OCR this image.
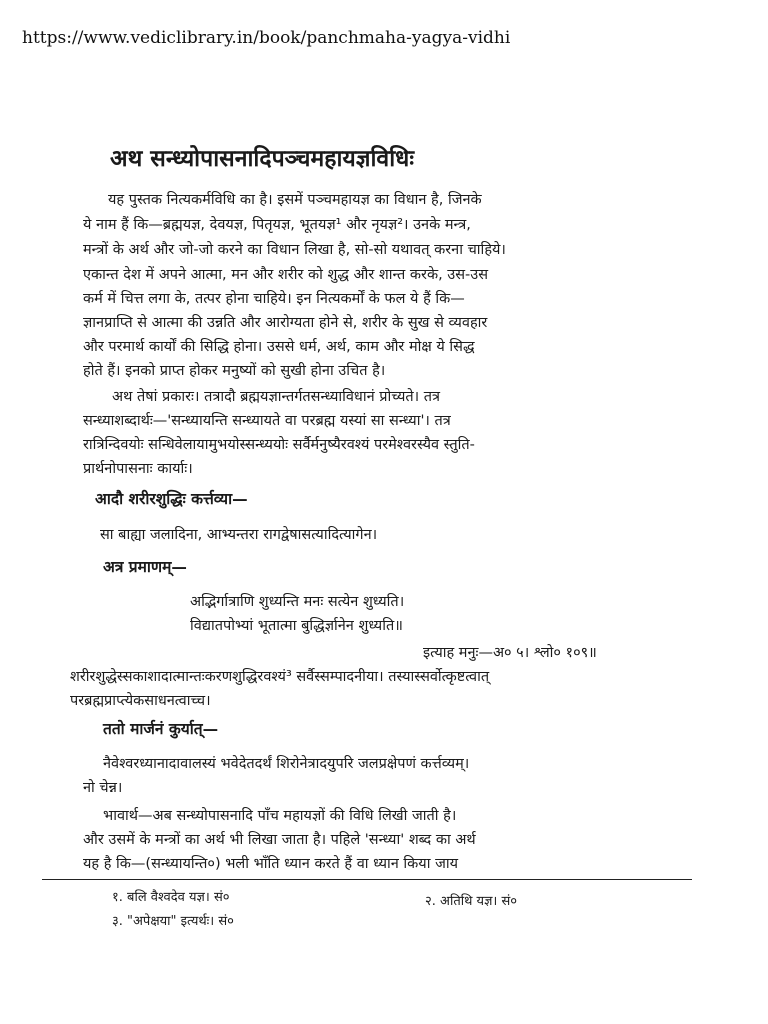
https://www.vediclibrary.in/book/panchmaha-yagya-vidhi
अथ सन्ध्योपासनादिपञ्चमहायज्ञविधिः
यह पुस्तक नित्यकर्मविधि का है। इसमें पञ्चमहायज्ञ का विधान है, जिनके
ये नाम हैं कि—ब्रह्मयज्ञ, देवयज्ञ, पितृयज्ञ, भूतयज्ञ¹ और नृयज्ञ²। उनके मन्त्र,
मन्त्रों के अर्थ और जो-जो करने का विधान लिखा है, सो-सो यथावत् करना चाहिये।
एकान्त देश में अपने आत्मा, मन और शरीर को शुद्ध और शान्त करके, उस-उस
कर्म में चित्त लगा के, तत्पर होना चाहिये। इन नित्यकर्मों के फल ये हैं कि—
ज्ञानप्राप्ति से आत्मा की उन्नति और आरोग्यता होने से, शरीर के सुख से व्यवहार
और परमार्थ कार्यों की सिद्धि होना। उससे धर्म, अर्थ, काम और मोक्ष ये सिद्ध
होते हैं। इनको प्राप्त होकर मनुष्यों को सुखी होना उचित है।
अथ तेषां प्रकारः। तत्रादौ ब्रह्मयज्ञान्तर्गतसन्ध्याविधानं प्रोच्यते। तत्र
सन्ध्याशब्दार्थः—'सन्ध्यायन्ति सन्ध्यायते वा परब्रह्म यस्यां सा सन्ध्या'। तत्र
रात्रिन्दिवयोः सन्धिवेलायामुभयोस्सन्ध्ययोः सर्वैर्मनुष्यैरवश्यं परमेश्वरस्यैव स्तुति-
प्रार्थनोपासनाः कार्याः।
आदौ शरीरशुद्धिः कर्त्तव्या—
सा बाह्या जलादिना, आभ्यन्तरा रागद्वेषासत्यादित्यागेन।
अत्र प्रमाणम्—
अद्भिर्गात्राणि शुध्यन्ति मनः सत्येन शुध्यति।
विद्यातपोभ्यां भूतात्मा बुद्धिर्ज्ञानेन शुध्यति॥
इत्याह मनुः—अ० ५। श्लो० १०९॥
शरीरशुद्धेस्सकाशादात्मान्तःकरणशुद्धिरवश्यं³ सर्वैस्सम्पादनीया। तस्यास्सर्वोत्कृष्टत्वात्
परब्रह्मप्राप्त्येकसाधनत्वाच्च।
ततो मार्जनं कुर्यात्—
नैवेश्वरध्यानादावालस्यं भवेदेतदर्थं शिरोनेत्रादयुपरि जलप्रक्षेपणं कर्त्तव्यम्।
नो चेन्न।
भावार्थ—अब सन्ध्योपासनादि पाँच महायज्ञों की विधि लिखी जाती है।
और उसमें के मन्त्रों का अर्थ भी लिखा जाता है। पहिले 'सन्ध्या' शब्द का अर्थ
यह है कि—(सन्ध्यायन्ति०) भली भाँति ध्यान करते हैं वा ध्यान किया जाय
१. बलि वैश्वदेव यज्ञ। सं०	२. अतिथि यज्ञ। सं०
३. "अपेक्षया" इत्यर्थः। सं०
